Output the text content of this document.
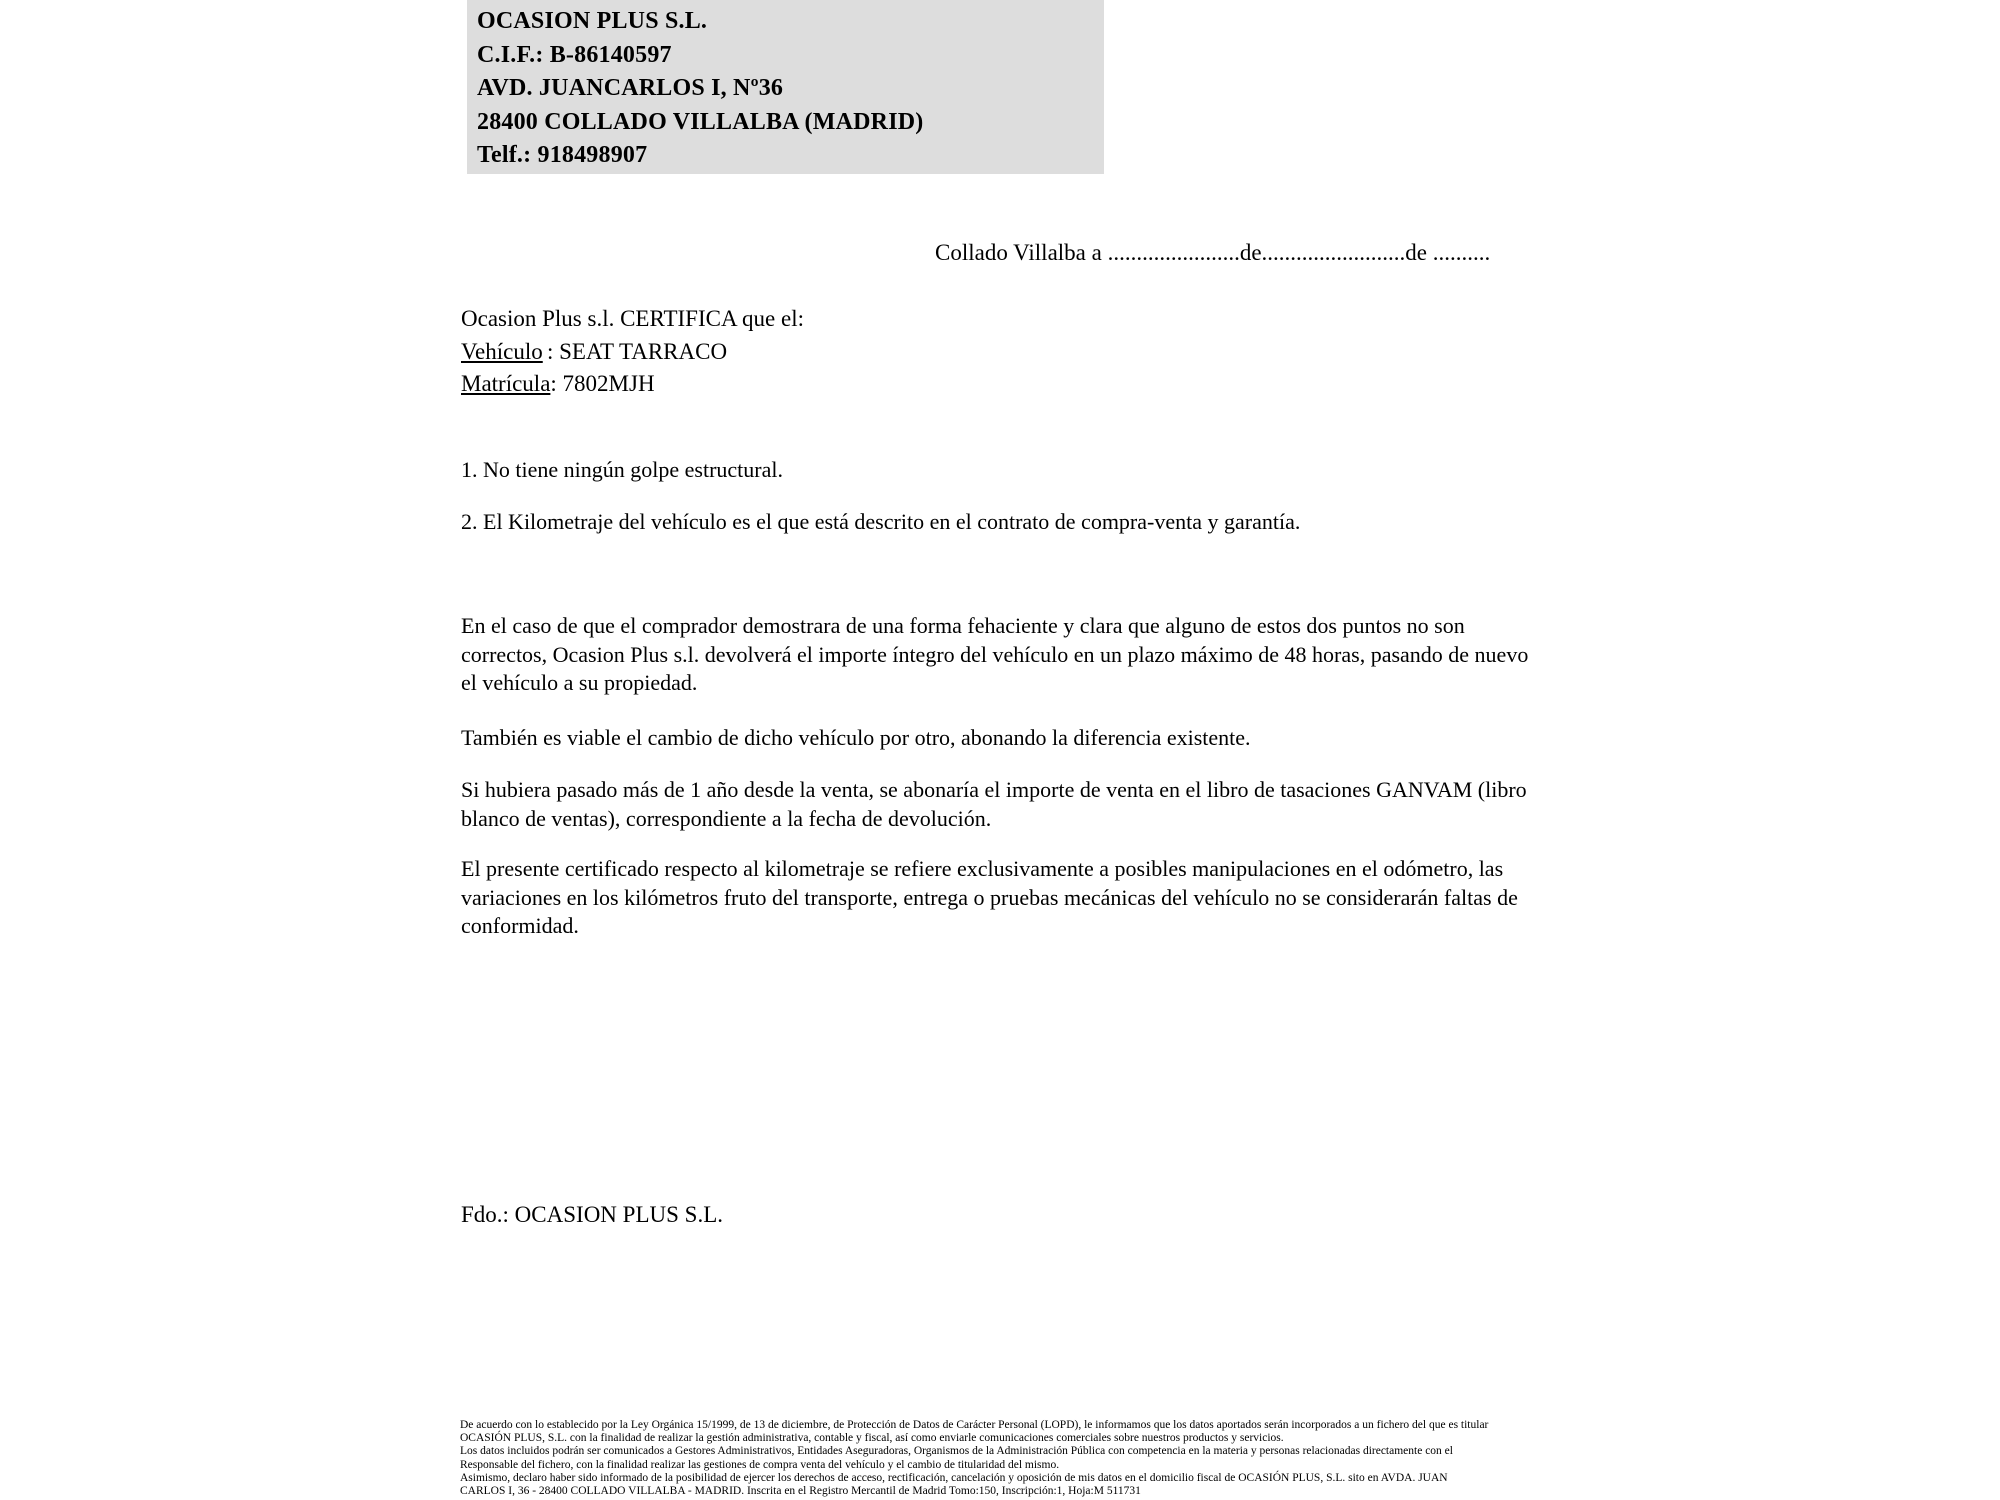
OCASION PLUS S.L.
C.I.F.: B-86140597
AVD. JUANCARLOS I, Nº36
28400 COLLADO VILLALBA (MADRID)
Telf.: 918498907
Collado Villalba a .......................de.........................de ..........
Ocasion Plus s.l. CERTIFICA que el:
Vehículo : SEAT TARRACO
Matrícula: 7802MJH
1. No tiene ningún golpe estructural.
2. El Kilometraje del vehículo es el que está descrito en el contrato de compra-venta y garantía.
En el caso de que el comprador demostrara de una forma fehaciente y clara que alguno de estos dos puntos no son correctos, Ocasion Plus s.l. devolverá el importe íntegro del vehículo en un plazo máximo de 48 horas, pasando de nuevo el vehículo a su propiedad.
También es viable el cambio de dicho vehículo por otro, abonando la diferencia existente.
Si hubiera pasado más de 1 año desde la venta, se abonaría el importe de venta en el libro de tasaciones GANVAM (libro blanco de ventas), correspondiente a la fecha de devolución.
El presente certificado respecto al kilometraje se refiere exclusivamente a posibles manipulaciones en el odómetro, las variaciones en los kilómetros fruto del transporte, entrega o pruebas mecánicas del vehículo no se considerarán faltas de conformidad.
Fdo.: OCASION PLUS S.L.
De acuerdo con lo establecido por la Ley Orgánica 15/1999, de 13 de diciembre, de Protección de Datos de Carácter Personal (LOPD), le informamos que los datos aportados serán incorporados a un fichero del que es titular
OCASIÓN PLUS, S.L. con la finalidad de realizar la gestión administrativa, contable y fiscal, así como enviarle comunicaciones comerciales sobre nuestros productos y servicios.
Los datos incluidos podrán ser comunicados a Gestores Administrativos, Entidades Aseguradoras, Organismos de la Administración Pública con competencia en la materia y personas relacionadas directamente con el
Responsable del fichero, con la finalidad realizar las gestiones de compra venta del vehículo y el cambio de titularidad del mismo.
Asimismo, declaro haber sido informado de la posibilidad de ejercer los derechos de acceso, rectificación, cancelación y oposición de mis datos en el domicilio fiscal de OCASIÓN PLUS, S.L. sito en AVDA. JUAN
CARLOS I, 36 - 28400 COLLADO VILLALBA - MADRID. Inscrita en el Registro Mercantil de Madrid Tomo:150, Inscripción:1, Hoja:M 511731
